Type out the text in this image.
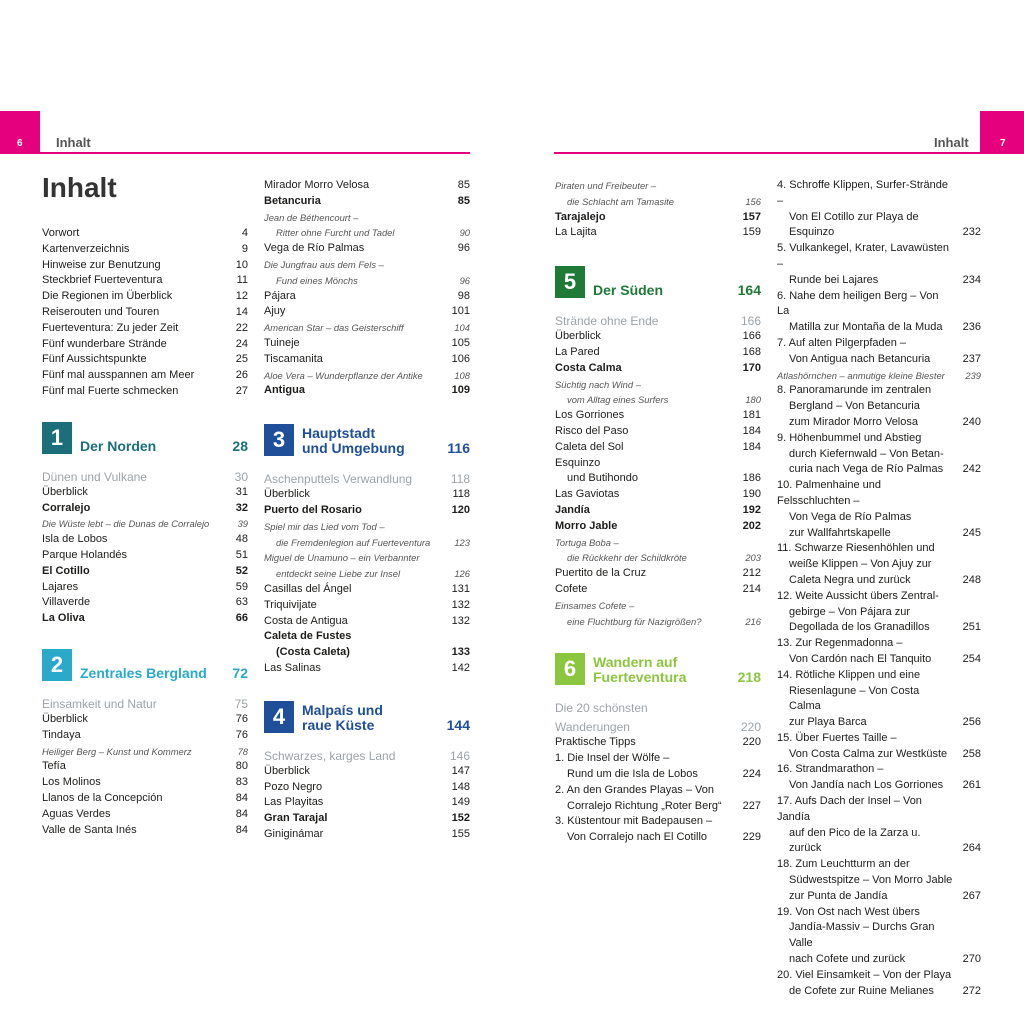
6	7
Inhalt	Inhalt
Inhalt
Vorwort	4
Kartenverzeichnis	9
Hinweise zur Benutzung	10
Steckbrief Fuerteventura	11
Die Regionen im Überblick	12
Reiserouten und Touren	14
Fuerteventura: Zu jeder Zeit	22
Fünf wunderbare Strände	24
Fünf Aussichtspunkte	25
Fünf mal ausspannen am Meer	26
Fünf mal Fuerte schmecken	27
1	Der Norden	28
Dünen und Vulkane	30
Überblick	31
Corralejo	32
Die Wüste lebt – die Dunas de Corralejo	39
Isla de Lobos	48
Parque Holandés	51
El Cotillo	52
Lajares	59
Villaverde	63
La Oliva	66
2	Zentrales Bergland 72
Einsamkeit und Natur	75
Überblick	76
Tindaya	76
Heiliger Berg – Kunst und Kommerz	78
Tefía	80
Los Molinos	83
Llanos de la Concepción	84
Aguas Verdes	84
Valle de Santa Inés	84
Mirador Morro Velosa	85
Betancuria	85
Jean de Béthencourt –
Ritter ohne Furcht und Tadel	90
Vega de Río Palmas	96
Die Jungfrau aus dem Fels –
Fund eines Mönchs	96
Pájara	98
Ajuy	101
American Star – das Geisterschiff	104
Tuineje	105
Tiscamanita	106
Aloe Vera – Wunderpflanze der Antike	108
Antigua	109
3	Hauptstadt
und Umgebung	116
Aschenputtels Verwandlung	118
Überblick	118
Puerto del Rosario	120
Spiel mir das Lied vom Tod –
die Fremdenlegion auf Fuerteventura	123
Miguel de Unamuno – ein Verbannter
entdeckt seine Liebe zur Insel	126
Casillas del Ángel	131
Triquivijate	132
Costa de Antigua	132
Caleta de Fustes
(Costa Caleta)	133
Las Salinas	142
4	Malpaís und
raue Küste	144
Schwarzes, karges Land	146
Überblick	147
Pozo Negro	148
Las Playitas	149
Gran Tarajal	152
Giniginámar	155
Piraten und Freibeuter –
die Schlacht am Tamasite	156
Tarajalejo	157
La Lajita	159
5	Der Süden	164
Strände ohne Ende	166
Überblick	166
La Pared	168
Costa Calma	170
Süchtig nach Wind –
vom Alltag eines Surfers	180
Los Gorriones	181
Risco del Paso	184
Caleta del Sol	184
Esquinzo
und Butihondo	186
Las Gaviotas	190
Jandía	192
Morro Jable	202
Tortuga Boba –
die Rückkehr der Schildkröte	203
Puertito de la Cruz	212
Cofete	214
Einsames Cofete –
eine Fluchtburg für Nazigrößen?	216
6	Wandern auf
Fuerteventura	218
Die 20 schönsten
Wanderungen	220
Praktische Tipps	220
1. Die Insel der Wölfe –
Rund um die Isla de Lobos	224
2. An den Grandes Playas – Von
Corralejo Richtung „Roter Berg“	227
3. Küstentour mit Badepausen –
Von Corralejo nach El Cotillo	229
4. Schroffe Klippen, Surfer-Strände –
Von El Cotillo zur Playa de Esquinzo	232
5. Vulkankegel, Krater, Lavawüsten –
Runde bei Lajares	234
6. Nahe dem heiligen Berg – Von La
Matilla zur Montaña de la Muda	236
7. Auf alten Pilgerpfaden –
Von Antigua nach Betancuria	237
Atlashörnchen – anmutige kleine Biester 239
8. Panoramarunde im zentralen
Bergland – Von Betancuria
zum Mirador Morro Velosa	240
9. Höhenbummel und Abstieg
durch Kiefernwald – Von Betan-
curia nach Vega de Río Palmas	242
10. Palmenhaine und Felsschluchten –
Von Vega de Río Palmas
zur Wallfahrtskapelle	245
11. Schwarze Riesenhöhlen und
weiße Klippen – Von Ajuy zur
Caleta Negra und zurück	248
12. Weite Aussicht übers Zentral-
gebirge – Von Pájara zur
Degollada de los Granadillos	251
13. Zur Regenmadonna –
Von Cardón nach El Tanquito	254
14. Rötliche Klippen und eine
Riesenlagune – Von Costa Calma
zur Playa Barca	256
15. Über Fuertes Taille –
Von Costa Calma zur Westküste	258
16. Strandmarathon –
Von Jandía nach Los Gorriones	261
17. Aufs Dach der Insel – Von Jandía
auf den Pico de la Zarza u. zurück	264
18. Zum Leuchtturm an der
Südwestspitze – Von Morro Jable
zur Punta de Jandía	267
19. Von Ost nach West übers
Jandía-Massiv – Durchs Gran Valle
nach Cofete und zurück	270
20. Viel Einsamkeit – Von der Playa
de Cofete zur Ruine Melianes	272
